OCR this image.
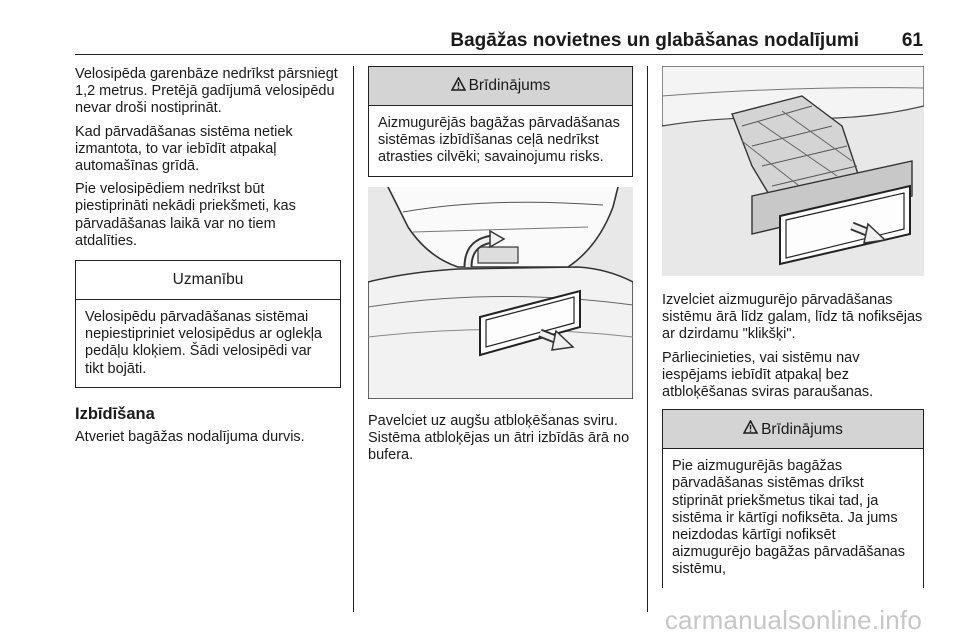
Bagāžas novietnes un glabāšanas nodalījumi 61

Velosipēda garenbāze nedrīkst pārsniegt 1,2 metrus. Pretējā gadījumā velosipēdu nevar droši nostiprināt.

Kad pārvadāšanas sistēma netiek izmantota, to var iebīdīt atpakaļ automašīnas grīdā.

Pie velosipēdiem nedrīkst būt piestiprināti nekādi priekšmeti, kas pārvadāšanas laikā var no tiem atdalīties.

Uzmanību
Velosipēdu pārvadāšanas sistēmai nepiestipriniet velosipēdus ar oglekļa pedāļu kloķiem. Šādi velosipēdi var tikt bojāti.
Izbīdīšana

Atveriet bagāžas nodalījuma durvis.

Brīdinājums
Aizmugurējās bagāžas pārvadāšanas sistēmas izbīdīšanas ceļā nedrīkst atrasties cilvēki; savainojumu risks.

Pavelciet uz augšu atbloķēšanas sviru. Sistēma atbloķējas un ātri izbīdās ārā no bufera.

Izvelciet aizmugurējo pārvadāšanas sistēmu ārā līdz galam, līdz tā nofiksējas ar dzirdamu "klikšķi".

Pārliecinieties, vai sistēmu nav iespējams iebīdīt atpakaļ bez atbloķēšanas sviras paraušanas.

Brīdinājums
Pie aizmugurējās bagāžas pārvadāšanas sistēmas drīkst stiprināt priekšmetus tikai tad, ja sistēma ir kārtīgi nofiksēta. Ja jums neizdodas kārtīgi nofiksēt aizmugurējo bagāžas pārvadāšanas sistēmu,
carmanualsonline.info
